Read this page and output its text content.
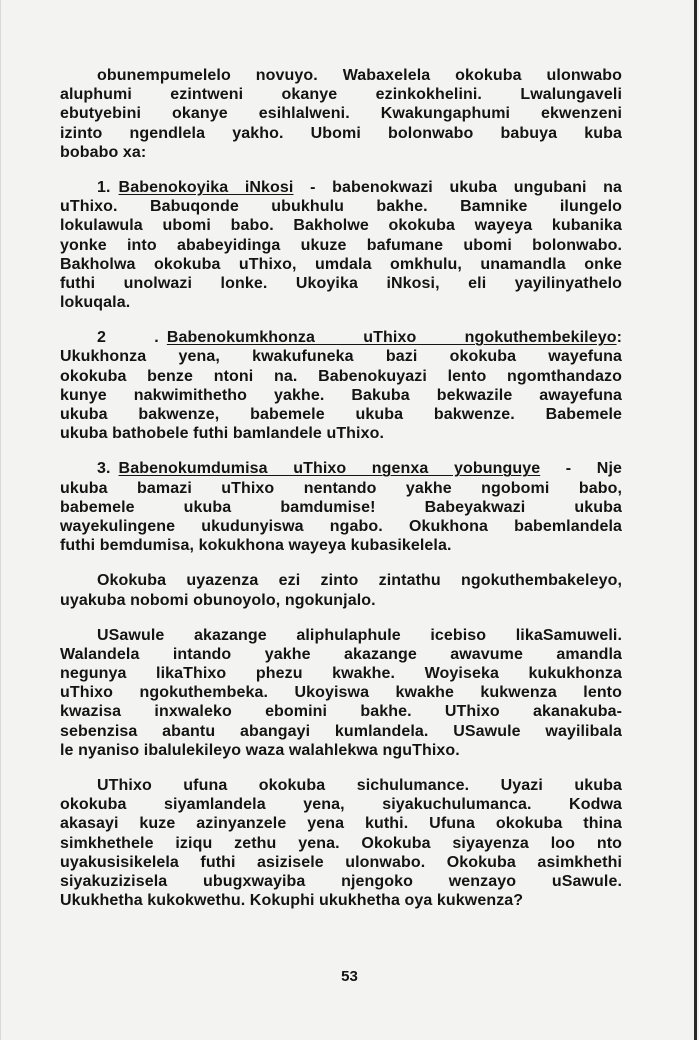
obunempumelelo novuyo. Wabaxelela okokuba ulonwabo
aluphumi ezintweni okanye ezinkokhelini. Lwalungaveli
ebutyebini okanye esihlalweni. Kwakungaphumi ekwenzeni
izinto ngendlela yakho. Ubomi bolonwabo babuya kuba
bobabo xa:
1. Babenokoyika iNkosi - babenokwazi ukuba ungubani na
uThixo. Babuqonde ubukhulu bakhe. Bamnike ilungelo
lokulawula ubomi babo. Bakholwe okokuba wayeya kubanika
yonke into ababeyidinga ukuze bafumane ubomi bolonwabo.
Bakholwa okokuba uThixo, umdala omkhulu, unamandla onke
futhi unolwazi lonke. Ukoyika iNkosi, eli yayilinyathelo
lokuqala.
2 . Babenokumkhonza uThixo ngokuthembekileyo:
Ukukhonza yena, kwakufuneka bazi okokuba wayefuna
okokuba benze ntoni na. Babenokuyazi lento ngomthandazo
kunye nakwimithetho yakhe. Bakuba bekwazile awayefuna
ukuba bakwenze, babemele ukuba bakwenze. Babemele
ukuba bathobele futhi bamlandele uThixo.
3. Babenokumdumisa uThixo ngenxa yobunguye - Nje
ukuba bamazi uThixo nentando yakhe ngobomi babo,
babemele ukuba bamdumise! Babeyakwazi ukuba
wayekulingene ukudunyiswa ngabo. Okukhona babemlandela
futhi bemdumisa, kokukhona wayeya kubasikelela.
Okokuba uyazenza ezi zinto zintathu ngokuthembakeleyo,
uyakuba nobomi obunoyolo, ngokunjalo.
USawule akazange aliphulaphule icebiso likaSamuweli.
Walandela intando yakhe akazange awavume amandla
negunya likaThixo phezu kwakhe. Woyiseka kukukhonza
uThixo ngokuthembeka. Ukoyiswa kwakhe kukwenza lento
kwazisa inxwaleko ebomini bakhe. UThixo akanakuba-
sebenzisa abantu abangayi kumlandela. USawule wayilibala
le nyaniso ibalulekileyo waza walahlekwa nguThixo.
UThixo ufuna okokuba sichulumance. Uyazi ukuba
okokuba siyamlandela yena, siyakuchulumanca. Kodwa
akasayi kuze azinyanzele yena kuthi. Ufuna okokuba thina
simkhethele iziqu zethu yena. Okokuba siyayenza loo nto
uyakusisikelela futhi asizisele ulonwabo. Okokuba asimkhethi
siyakuzizisela ubugxwayiba njengoko wenzayo uSawule.
Ukukhetha kukokwethu. Kokuphi ukukhetha oya kukwenza?
53
